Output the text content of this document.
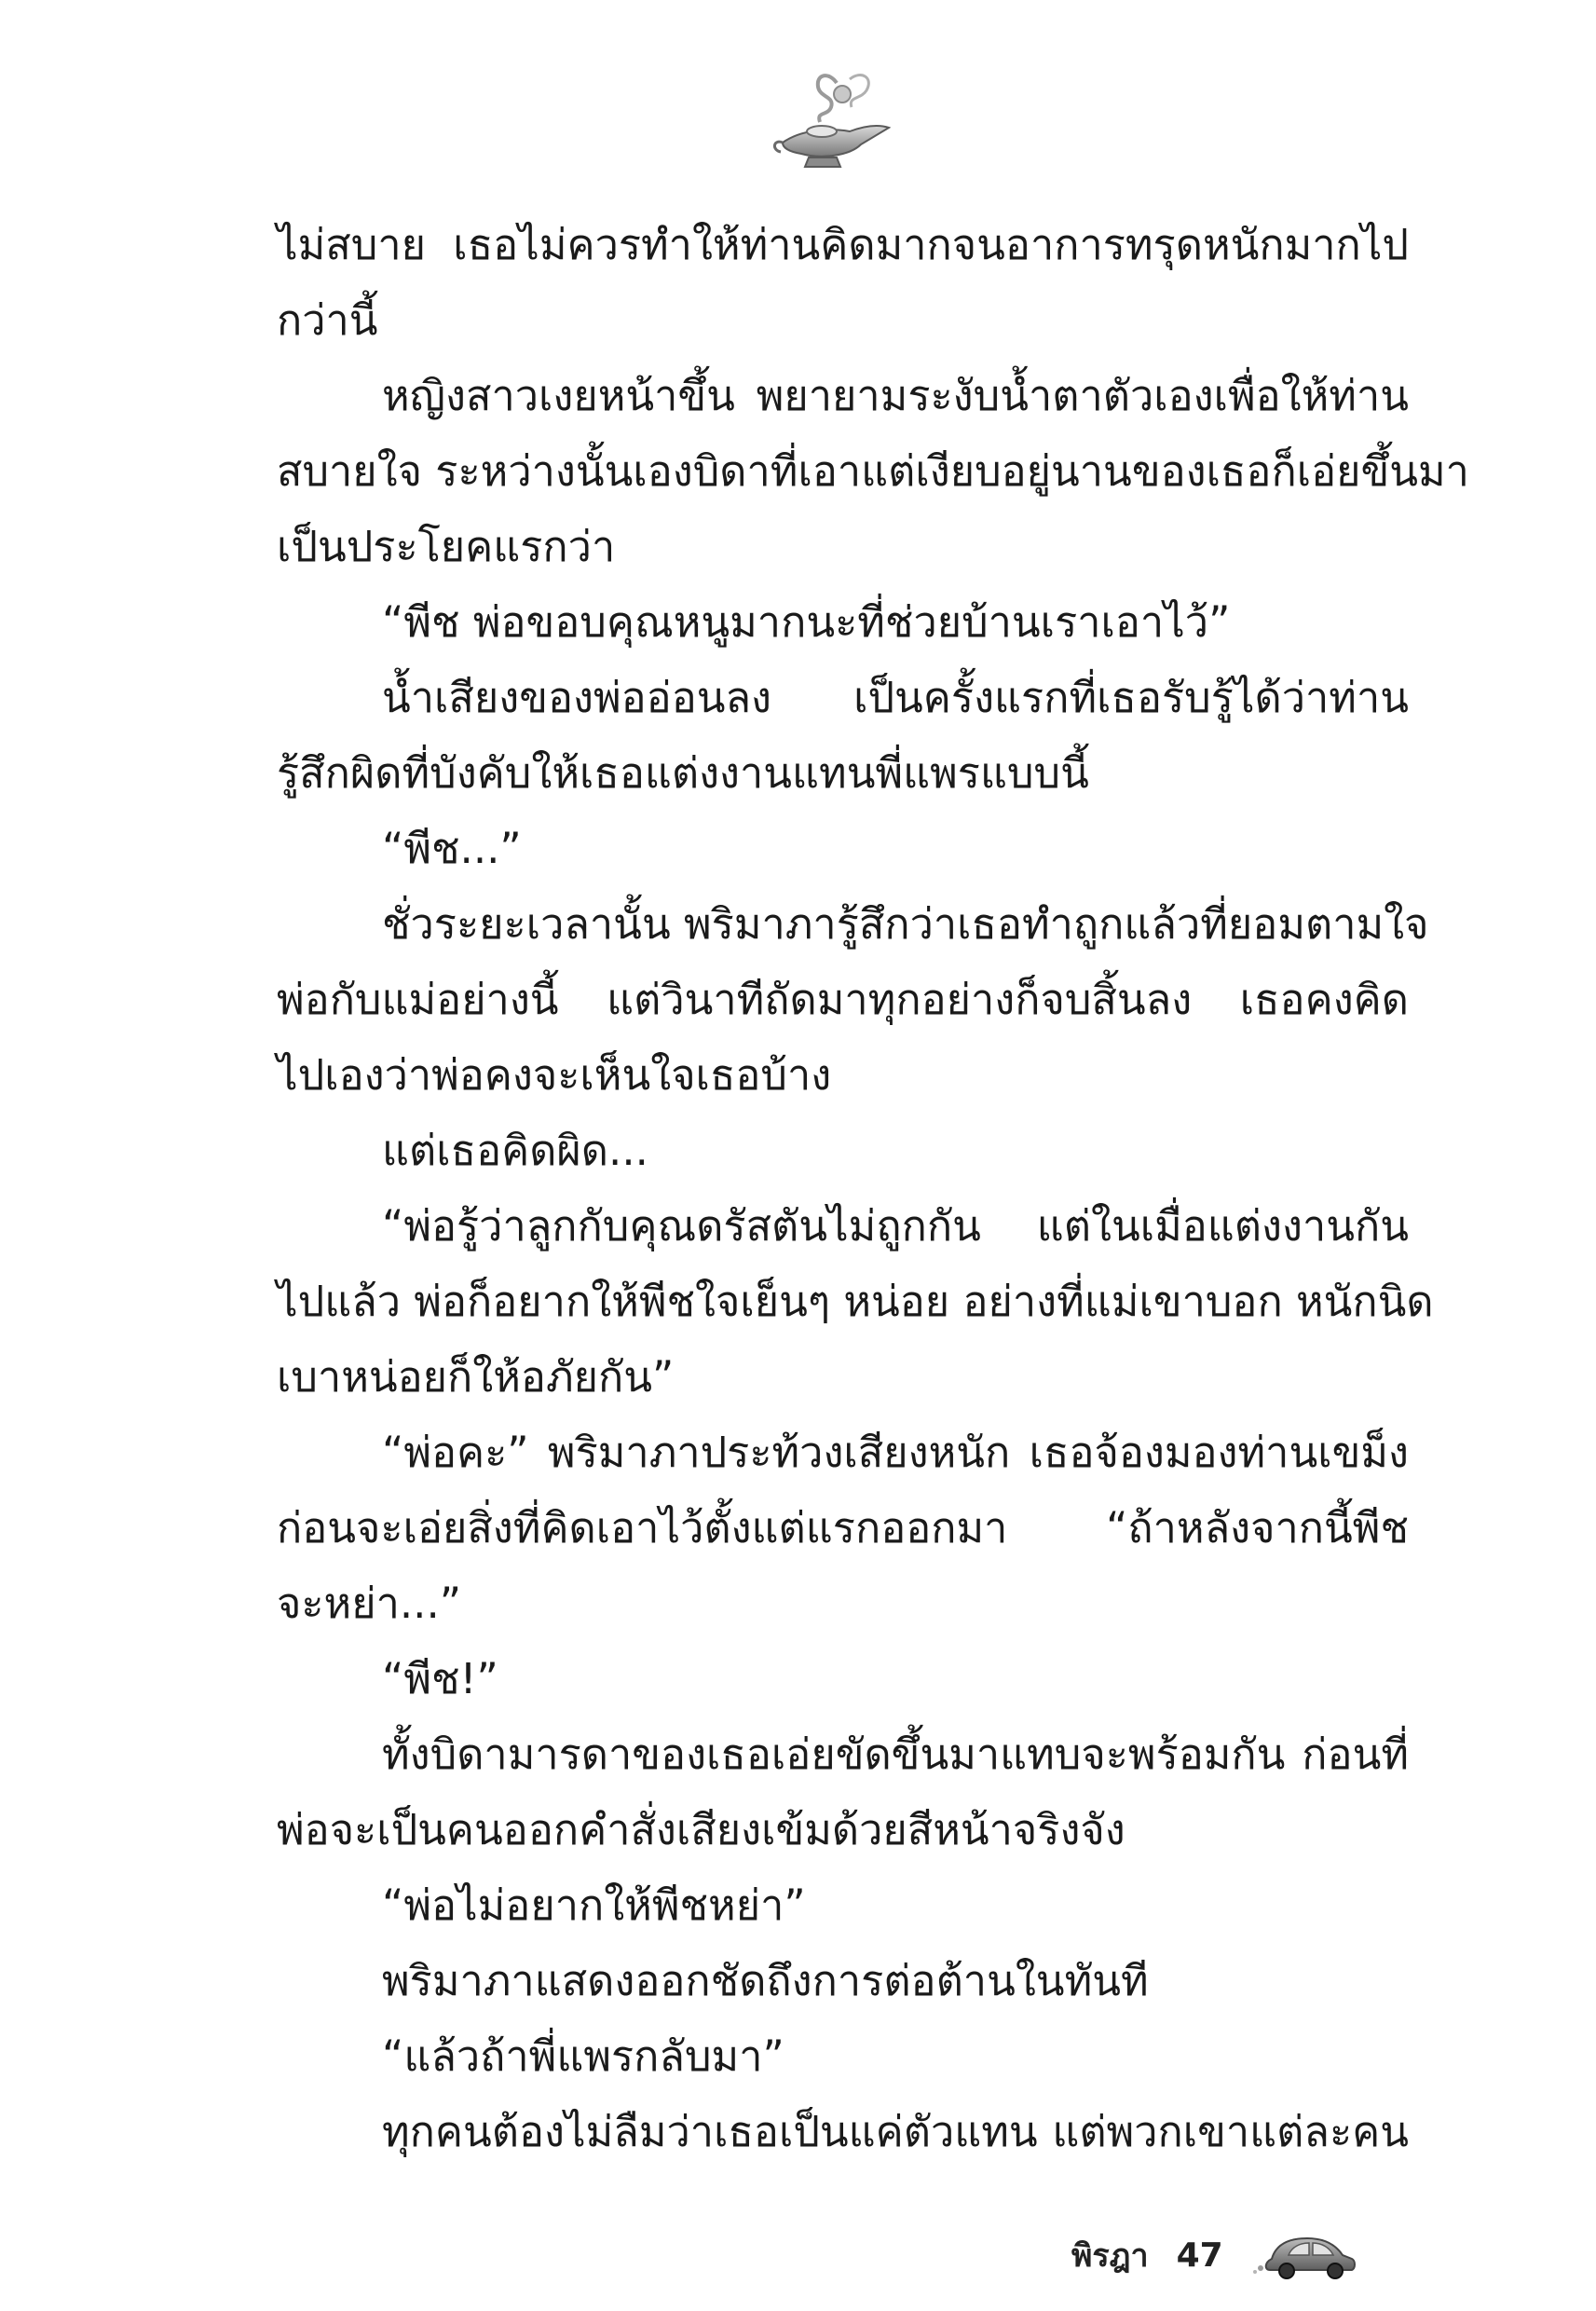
ไม่สบาย เธอไม่ควรทำให้ท่านคิดมากจนอาการทรุดหนักมากไป
กว่านี้
หญิงสาวเงยหน้าขึ้น พยายามระงับน้ำตาตัวเองเพื่อให้ท่าน
สบายใจ ระหว่างนั้นเองบิดาที่เอาแต่เงียบอยู่นานของเธอก็เอ่ยขึ้นมา
เป็นประโยคแรกว่า
“พีช พ่อขอบคุณหนูมากนะที่ช่วยบ้านเราเอาไว้”
น้ำเสียงของพ่ออ่อนลง เป็นครั้งแรกที่เธอรับรู้ได้ว่าท่าน
รู้สึกผิดที่บังคับให้เธอแต่งงานแทนพี่แพรแบบนี้
“พีช...”
ชั่วระยะเวลานั้น พริมาภารู้สึกว่าเธอทำถูกแล้วที่ยอมตามใจ
พ่อกับแม่อย่างนี้ แต่วินาทีถัดมาทุกอย่างก็จบสิ้นลง เธอคงคิด
ไปเองว่าพ่อคงจะเห็นใจเธอบ้าง
แต่เธอคิดผิด...
“พ่อรู้ว่าลูกกับคุณดรัสตันไม่ถูกกัน แต่ในเมื่อแต่งงานกัน
ไปแล้ว พ่อก็อยากให้พีชใจเย็นๆ หน่อย อย่างที่แม่เขาบอก หนักนิด
เบาหน่อยก็ให้อภัยกัน”
“พ่อคะ” พริมาภาประท้วงเสียงหนัก เธอจ้องมองท่านเขม็ง
ก่อนจะเอ่ยสิ่งที่คิดเอาไว้ตั้งแต่แรกออกมา “ถ้าหลังจากนี้พีช
จะหย่า...”
“พีช!”
ทั้งบิดามารดาของเธอเอ่ยขัดขึ้นมาแทบจะพร้อมกัน ก่อนที่
พ่อจะเป็นคนออกคำสั่งเสียงเข้มด้วยสีหน้าจริงจัง
“พ่อไม่อยากให้พีชหย่า”
พริมาภาแสดงออกชัดถึงการต่อต้านในทันที
“แล้วถ้าพี่แพรกลับมา”
ทุกคนต้องไม่ลืมว่าเธอเป็นแค่ตัวแทน แต่พวกเขาแต่ละคน
พิรฎา 47
